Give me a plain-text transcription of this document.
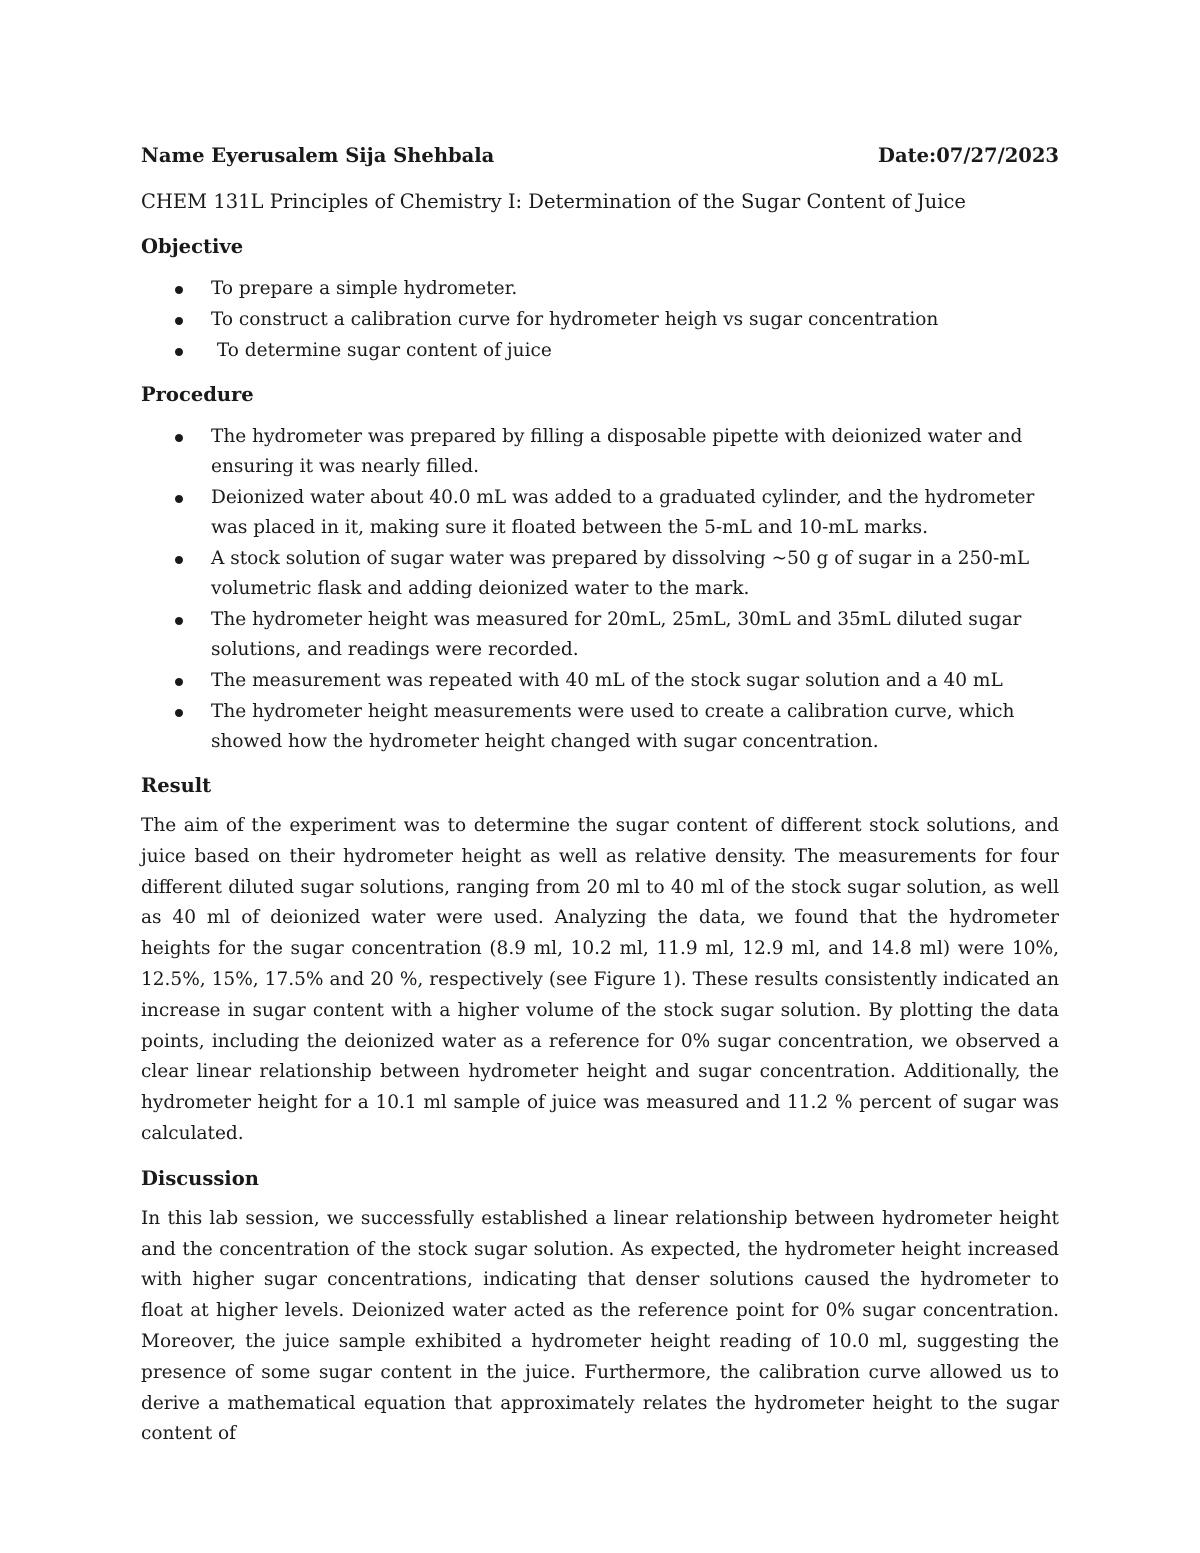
Name Eyerusalem Sija Shehbala	Date:07/27/2023
CHEM 131L Principles of Chemistry I: Determination of the Sugar Content of Juice
Objective
To prepare a simple hydrometer.
To construct a calibration curve for hydrometer heigh vs sugar concentration
To determine sugar content of juice
Procedure
The hydrometer was prepared by filling a disposable pipette with deionized water and ensuring it was nearly filled.
Deionized water about 40.0 mL was added to a graduated cylinder, and the hydrometer was placed in it, making sure it floated between the 5-mL and 10-mL marks.
A stock solution of sugar water was prepared by dissolving ~50 g of sugar in a 250-mL volumetric flask and adding deionized water to the mark.
The hydrometer height was measured for 20mL, 25mL, 30mL and 35mL diluted sugar solutions, and readings were recorded.
The measurement was repeated with 40 mL of the stock sugar solution and a 40 mL
The hydrometer height measurements were used to create a calibration curve, which showed how the hydrometer height changed with sugar concentration.
Result

The aim of the experiment was to determine the sugar content of different stock solutions, and juice based on their hydrometer height as well as relative density. The measurements for four different diluted sugar solutions, ranging from 20 ml to 40 ml of the stock sugar solution, as well as 40 ml of deionized water were used. Analyzing the data, we found that the hydrometer heights for the sugar concentration (8.9 ml, 10.2 ml, 11.9 ml, 12.9 ml, and 14.8 ml) were 10%, 12.5%, 15%, 17.5% and 20 %, respectively (see Figure 1). These results consistently indicated an increase in sugar content with a higher volume of the stock sugar solution. By plotting the data points, including the deionized water as a reference for 0% sugar concentration, we observed a clear linear relationship between hydrometer height and sugar concentration. Additionally, the hydrometer height for a 10.1 ml sample of juice was measured and 11.2 % percent of sugar was calculated.

Discussion

In this lab session, we successfully established a linear relationship between hydrometer height and the concentration of the stock sugar solution. As expected, the hydrometer height increased with higher sugar concentrations, indicating that denser solutions caused the hydrometer to float at higher levels. Deionized water acted as the reference point for 0% sugar concentration. Moreover, the juice sample exhibited a hydrometer height reading of 10.0 ml, suggesting the presence of some sugar content in the juice. Furthermore, the calibration curve allowed us to derive a mathematical equation that approximately relates the hydrometer height to the sugar content of
